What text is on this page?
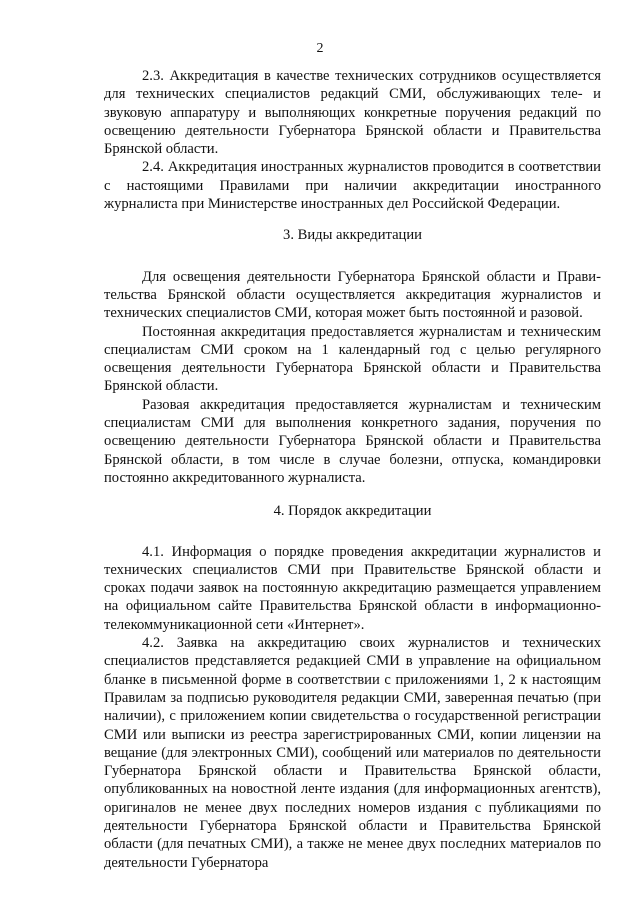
2

2.3. Аккредитация в качестве технических сотрудников осуществляется для технических специалистов редакций СМИ, обслуживающих теле- и звуковую аппаратуру и выполняющих конкретные поручения редакций по освещению деятельности Губернатора Брянской области и Правительства Брянской области.

2.4. Аккредитация иностранных журналистов проводится в соответствии с настоящими Правилами при наличии аккредитации иностранного журналиста при Министерстве иностранных дел Российской Федерации.

3. Виды аккредитации

Для освещения деятельности Губернатора Брянской области и Правительства Брянской области осуществляется аккредитация журналистов и технических специалистов СМИ, которая может быть постоянной и разовой.

Постоянная аккредитация предоставляется журналистам и техническим специалистам СМИ сроком на 1 календарный год с целью регулярного освещения деятельности Губернатора Брянской области и Правительства Брянской области.

Разовая аккредитация предоставляется журналистам и техническим специалистам СМИ для выполнения конкретного задания, поручения по освещению деятельности Губернатора Брянской области и Правительства Брянской области, в том числе в случае болезни, отпуска, командировки постоянно аккредитованного журналиста.

4. Порядок аккредитации

4.1. Информация о порядке проведения аккредитации журналистов и технических специалистов СМИ при Правительстве Брянской области и сроках подачи заявок на постоянную аккредитацию размещается управлением на официальном сайте Правительства Брянской области в информационно-телекоммуникационной сети «Интернет».

4.2. Заявка на аккредитацию своих журналистов и технических специалистов представляется редакцией СМИ в управление на официальном бланке в письменной форме в соответствии с приложениями 1, 2 к настоящим Правилам за подписью руководителя редакции СМИ, заверенная печатью (при наличии), с приложением копии свидетельства о государственной регистрации СМИ или выписки из реестра зарегистрированных СМИ, копии лицензии на вещание (для электронных СМИ), сообщений или материалов по деятельности Губернатора Брянской области и Правительства Брянской области, опубликованных на новостной ленте издания (для информационных агентств), оригиналов не менее двух последних номеров издания с публикациями по деятельности Губернатора Брянской области и Правительства Брянской области (для печатных СМИ), а также не менее двух последних материалов по деятельности Губернатора
